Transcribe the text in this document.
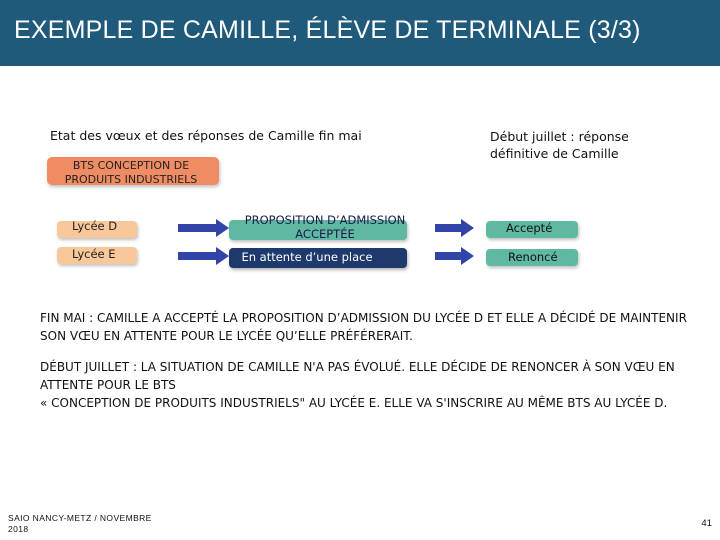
EXEMPLE DE CAMILLE, ÉLÈVE DE TERMINALE (3/3)
Etat des vœux et des réponses de Camille fin mai	Début juillet : réponse définitive de Camille
BTS CONCEPTION DE PRODUITS INDUSTRIELS
Lycée D	PROPOSITION D’ADMISSION ACCEPTÉE	Accepté
Lycée E	En attente d’une place	Renoncé
FIN MAI : CAMILLE A ACCEPTÉ LA PROPOSITION D’ADMISSION DU LYCÉE D ET ELLE A DÉCIDÉ DE MAINTENIR
SON VŒU EN ATTENTE POUR LE LYCÉE QU’ELLE PRÉFÉRERAIT.
DÉBUT JUILLET : LA SITUATION DE CAMILLE N'A PAS ÉVOLUÉ. ELLE DÉCIDE DE RENONCER À SON VŒU EN
ATTENTE POUR LE BTS
« CONCEPTION DE PRODUITS INDUSTRIELS" AU LYCÉE E. ELLE VA S'INSCRIRE AU MÊME BTS AU LYCÉE D.
SAIO NANCY-METZ / NOVEMBRE
2018	41
